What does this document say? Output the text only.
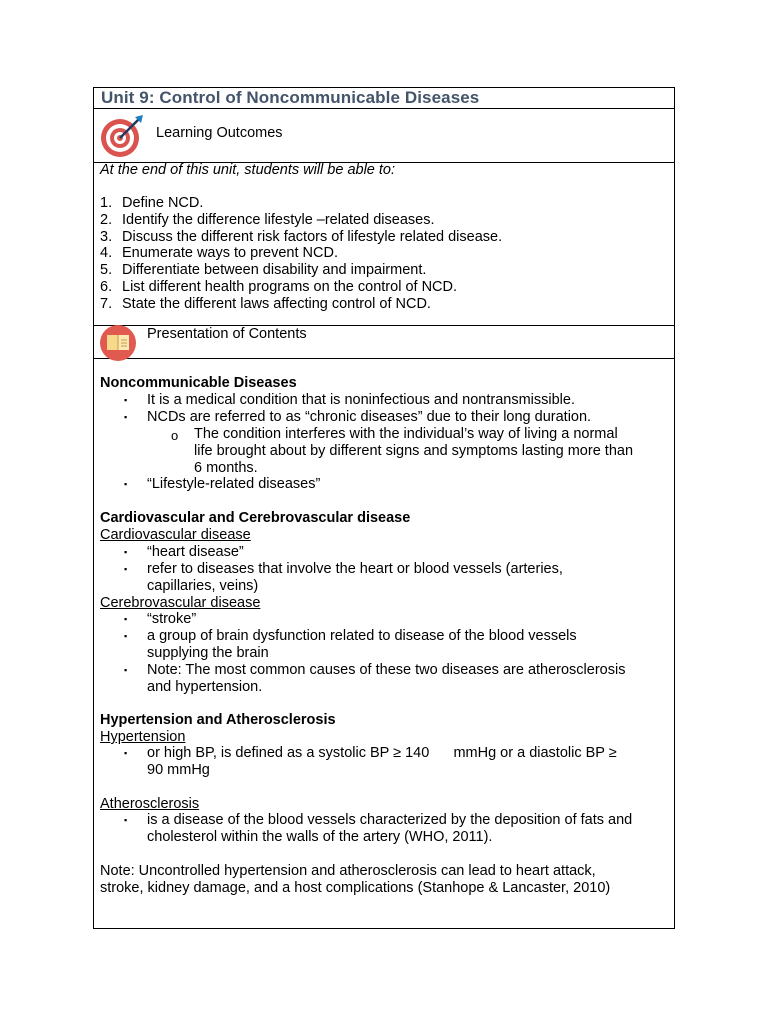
Unit 9: Control of Noncommunicable Diseases
Learning Outcomes
Presentation of Contents
At the end of this unit, students will be able to:
1. Define NCD.
2. Identify the difference lifestyle –related diseases.
3. Discuss the different risk factors of lifestyle related disease.
4. Enumerate ways to prevent NCD.
5. Differentiate between disability and impairment.
6. List different health programs on the control of NCD.
7. State the different laws affecting control of NCD.
Noncommunicable Diseases
▪ It is a medical condition that is noninfectious and nontransmissible.
▪ NCDs are referred to as “chronic diseases” due to their long duration.
o The condition interferes with the individual’s way of living a normal
life brought about by different signs and symptoms lasting more than
6 months.
▪ “Lifestyle-related diseases”
Cardiovascular and Cerebrovascular disease
Cardiovascular disease
▪ “heart disease”
▪ refer to diseases that involve the heart or blood vessels (arteries,
capillaries, veins)
Cerebrovascular disease
▪ “stroke”
▪ a group of brain dysfunction related to disease of the blood vessels
supplying the brain
▪ Note: The most common causes of these two diseases are atherosclerosis
and hypertension.
Hypertension and Atherosclerosis
Hypertension
▪ or high BP, is defined as a systolic BP ≥ 140      mmHg or a diastolic BP ≥
90 mmHg
Atherosclerosis
▪ is a disease of the blood vessels characterized by the deposition of fats and
cholesterol within the walls of the artery (WHO, 2011).
Note: Uncontrolled hypertension and atherosclerosis can lead to heart attack,
stroke, kidney damage, and a host complications (Stanhope & Lancaster, 2010)
